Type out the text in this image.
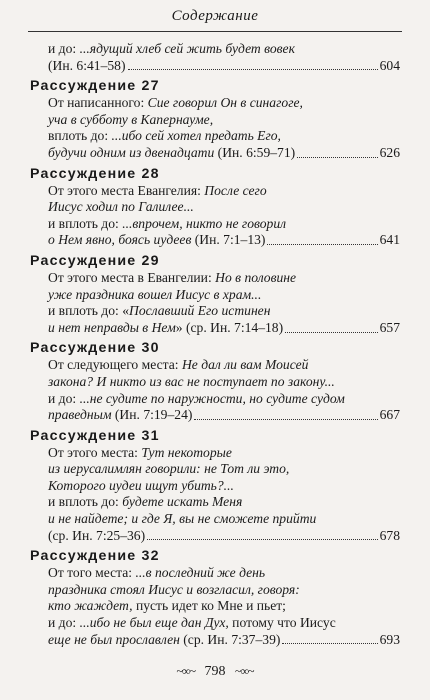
Содержание
и до: ...ядущий хлеб сей жить будет вовек
(Ин. 6:41–58)	604
Рассуждение 27
От написанного: Сие говорил Он в синагоге,
уча в субботу в Капернауме,
вплоть до: ...ибо сей хотел предать Его,
будучи одним из двенадцати (Ин. 6:59–71)	626
Рассуждение 28
От этого места Евангелия: После сего
Иисус ходил по Галилее...
и вплоть до: ...впрочем, никто не говорил
о Нем явно, боясь иудеев (Ин. 7:1–13)	641
Рассуждение 29
От этого места в Евангелии: Но в половине
уже праздника вошел Иисус в храм...
и вплоть до: «Пославший Его истинен
и нет неправды в Нем» (ср. Ин. 7:14–18)	657
Рассуждение 30
От следующего места: Не дал ли вам Моисей
закона? И никто из вас не поступает по закону...
и до: ...не судите по наружности, но судите судом
праведным (Ин. 7:19–24)	667
Рассуждение 31
От этого места: Тут некоторые
из иерусалимлян говорили: не Тот ли это,
Которого иудеи ищут убить?...
и вплоть до: будете искать Меня
и не найдете; и где Я, вы не сможете прийти
(ср. Ин. 7:25–36)	678
Рассуждение 32
От того места: ...в последний же день
праздника стоял Иисус и возгласил, говоря:
кто жаждет, пусть идет ко Мне и пьет;
и до: ...ибо не был еще дан Дух, потому что Иисус
еще не был прославлен (ср. Ин. 7:37–39)	693
~∞~ 798 ~∞~
